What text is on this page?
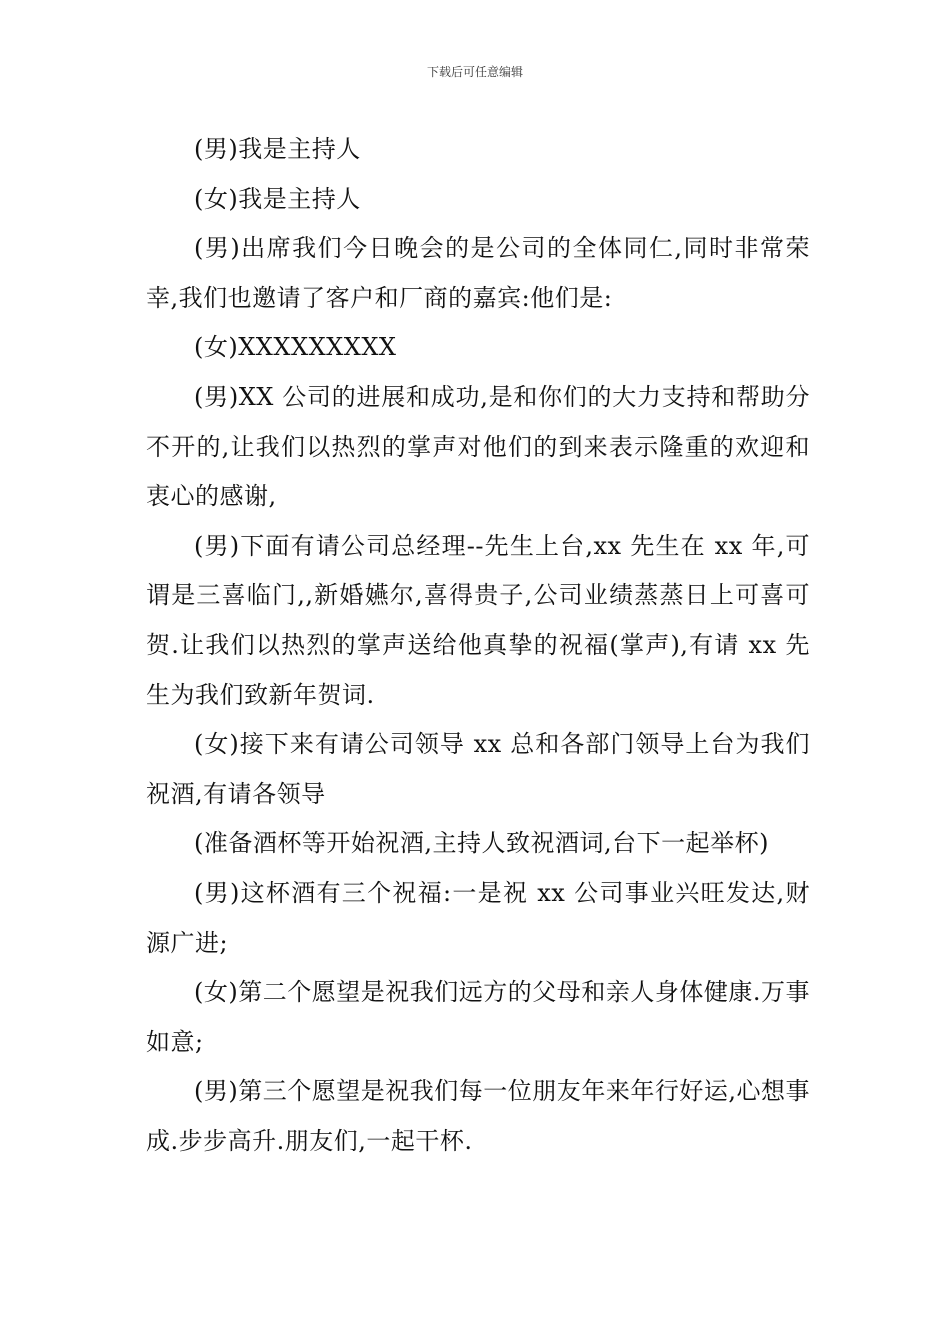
下载后可任意编辑

(男)我是主持人

(女)我是主持人

(男)出席我们今日晚会的是公司的全体同仁,同时非常荣幸,我们也邀请了客户和厂商的嘉宾:他们是:

(女)XXXXXXXXX

(男)XX 公司的进展和成功,是和你们的大力支持和帮助分不开的,让我们以热烈的掌声对他们的到来表示隆重的欢迎和衷心的感谢,

(男)下面有请公司总经理--先生上台,xx 先生在 xx 年,可谓是三喜临门,,新婚嬿尔,喜得贵子,公司业绩蒸蒸日上可喜可贺.让我们以热烈的掌声送给他真挚的祝福(掌声),有请 xx 先生为我们致新年贺词.

(女)接下来有请公司领导 xx 总和各部门领导上台为我们祝酒,有请各领导

(准备酒杯等开始祝酒,主持人致祝酒词,台下一起举杯)

(男)这杯酒有三个祝福:一是祝 xx 公司事业兴旺发达,财源广进;

(女)第二个愿望是祝我们远方的父母和亲人身体健康.万事如意;

(男)第三个愿望是祝我们每一位朋友年来年行好运,心想事成.步步高升.朋友们,一起干杯.
